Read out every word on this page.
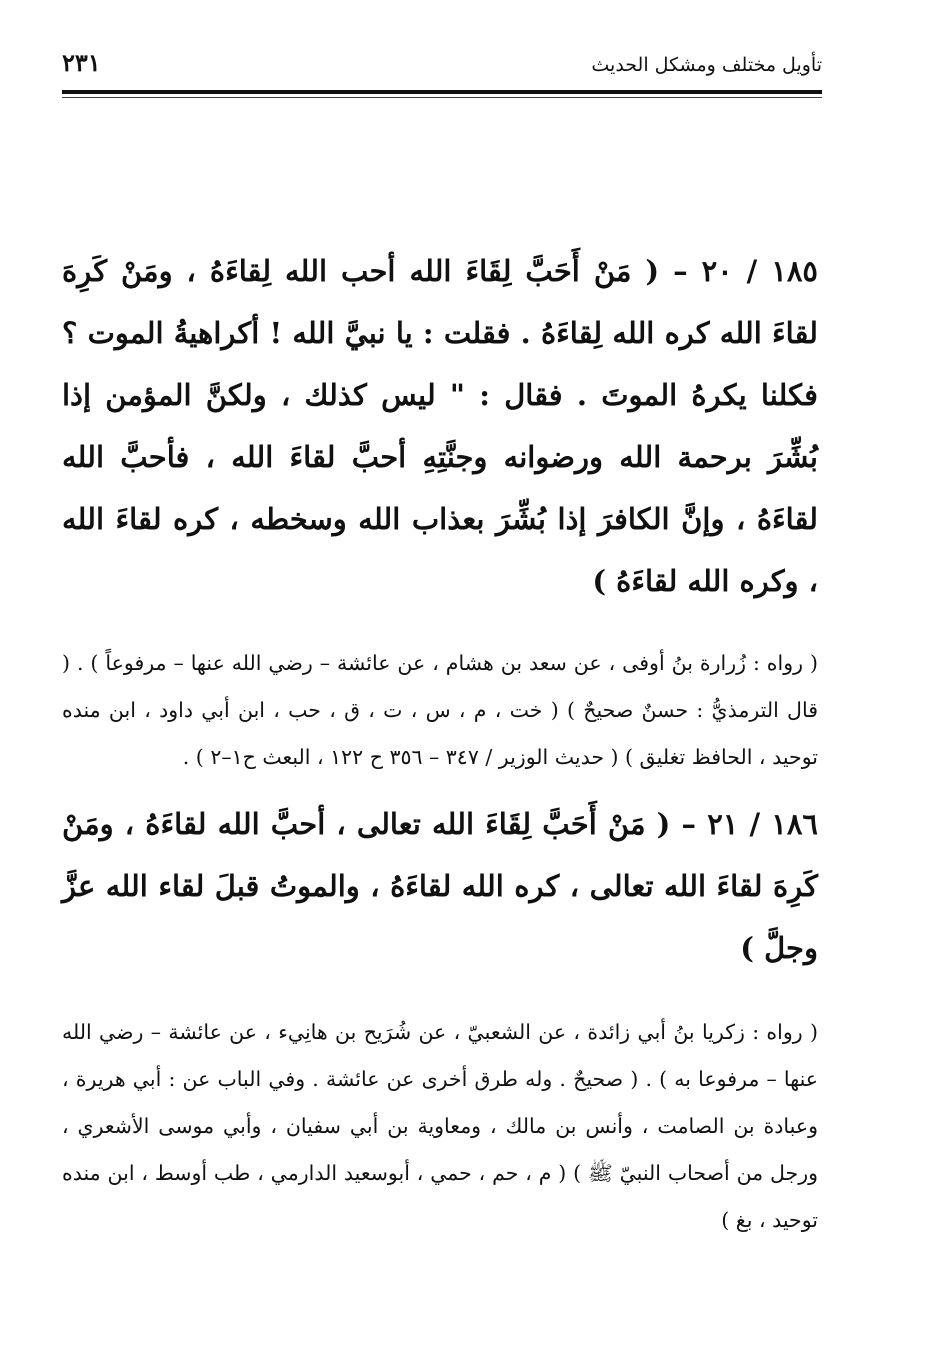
تأويل مختلف ومشكل الحديث
٢٣١

١٨٥ / ٢٠ – ( مَنْ أَحَبَّ لِقَاءَ الله أحب الله لِقاءَهُ ، ومَنْ كَرِهَ لقاءَ الله كره الله لِقاءَهُ . فقلت : يا نبيَّ الله ! أكراهيةُ الموت ؟ فكلنا يكرهُ الموتَ . فقال : " ليس كذلك ، ولكنَّ المؤمن إذا بُشِّرَ برحمة الله ورضوانه وجنَّتِهِ أحبَّ لقاءَ الله ، فأحبَّ الله لقاءَهُ ، وإنَّ الكافرَ إذا بُشِّرَ بعذاب الله وسخطه ، كره لقاءَ الله ، وكره الله لقاءَهُ )

( رواه : زُرارة بنُ أوفى ، عن سعد بن هشام ، عن عائشة – رضي الله عنها – مرفوعاً ) . ( قال الترمذيُّ : حسنٌ صحيحٌ ) ( خت ، م ، س ، ت ، ق ، حب ، ابن أبي داود ، ابن منده توحيد ، الحافظ تغليق ) ( حديث الوزير / ٣٤٧ – ٣٥٦ ح ١٢٢ ، البعث ح١–٢ ) .

١٨٦ / ٢١ – ( مَنْ أَحَبَّ لِقَاءَ الله تعالى ، أحبَّ الله لقاءَهُ ، ومَنْ كَرِهَ لقاءَ الله تعالى ، كره الله لقاءَهُ ، والموتُ قبلَ لقاء الله عزَّ وجلَّ )

( رواه : زكريا بنُ أبي زائدة ، عن الشعبيّ ، عن شُرَيح بن هانِيء ، عن عائشة – رضي الله عنها – مرفوعا به ) . ( صحيحٌ . وله طرق أخرى عن عائشة . وفي الباب عن : أبي هريرة ، وعبادة بن الصامت ، وأنس بن مالك ، ومعاوية بن أبي سفيان ، وأبي موسى الأشعري ، ورجل من أصحاب النبيّ ﷺ ) ( م ، حم ، حمي ، أبوسعيد الدارمي ، طب أوسط ، ابن منده توحيد ، بغ )
